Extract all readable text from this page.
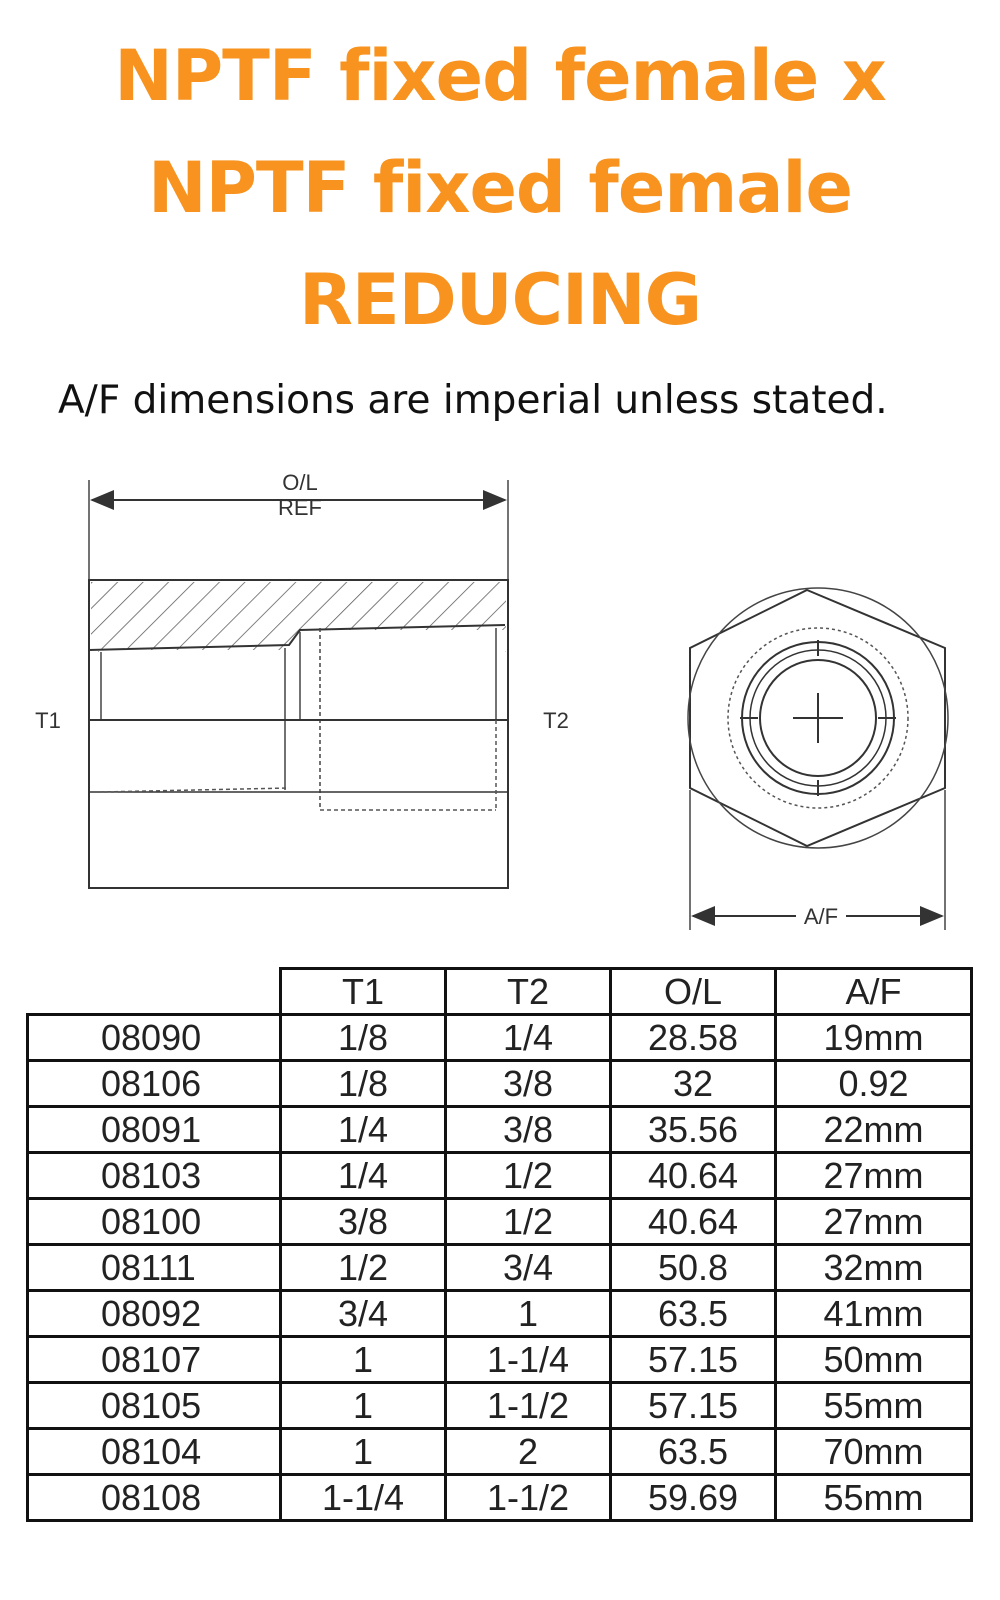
NPTF fixed female x
NPTF fixed female
REDUCING
A/F dimensions are imperial unless stated.
O/L
REF
T1	T2
A/F
	T1	T2	O/L	A/F
08090	1/8	1/4	28.58	19mm
08106	1/8	3/8	32	0.92
08091	1/4	3/8	35.56	22mm
08103	1/4	1/2	40.64	27mm
08100	3/8	1/2	40.64	27mm
08111	1/2	3/4	50.8	32mm
08092	3/4	1	63.5	41mm
08107	1	1-1/4	57.15	50mm
08105	1	1-1/2	57.15	55mm
08104	1	2	63.5	70mm
08108	1-1/4	1-1/2	59.69	55mm
